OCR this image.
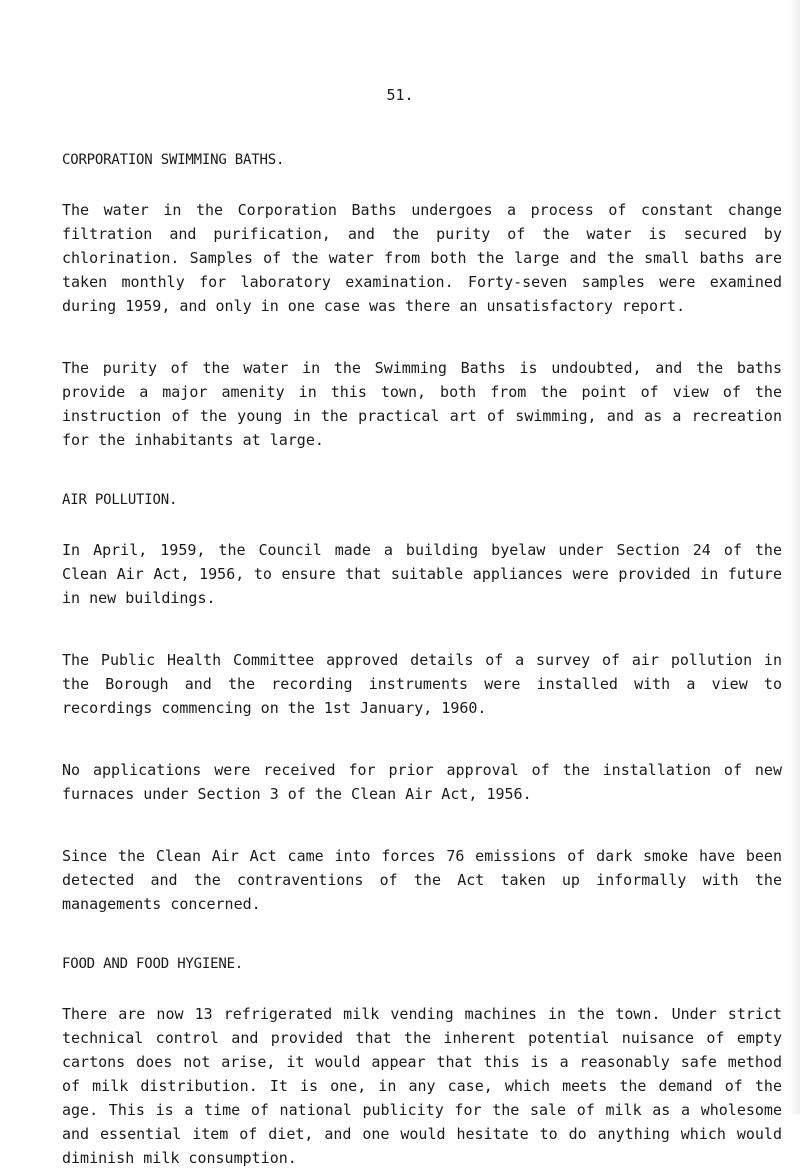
51.
CORPORATION SWIMMING BATHS.

The water in the Corporation Baths undergoes a process of constant change filtration and purification, and the purity of the water is secured by chlorination. Samples of the water from both the large and the small baths are taken monthly for laboratory examination. Forty-seven samples were examined during 1959, and only in one case was there an unsatisfactory report.

The purity of the water in the Swimming Baths is undoubted, and the baths provide a major amenity in this town, both from the point of view of the instruction of the young in the practical art of swimming, and as a recreation for the inhabitants at large.

AIR POLLUTION.

In April, 1959, the Council made a building byelaw under Section 24 of the Clean Air Act, 1956, to ensure that suitable appliances were provided in future in new buildings.

The Public Health Committee approved details of a survey of air pollution in the Borough and the recording instruments were installed with a view to recordings commencing on the 1st January, 1960.

No applications were received for prior approval of the installation of new furnaces under Section 3 of the Clean Air Act, 1956.

Since the Clean Air Act came into forces 76 emissions of dark smoke have been detected and the contraventions of the Act taken up informally with the managements concerned.

FOOD AND FOOD HYGIENE.

There are now 13 refrigerated milk vending machines in the town. Under strict technical control and provided that the inherent potential nuisance of empty cartons does not arise, it would appear that this is a reasonably safe method of milk distribution. It is one, in any case, which meets the demand of the age. This is a time of national publicity for the sale of milk as a wholesome and essential item of diet, and one would hesitate to do anything which would diminish milk consumption.
